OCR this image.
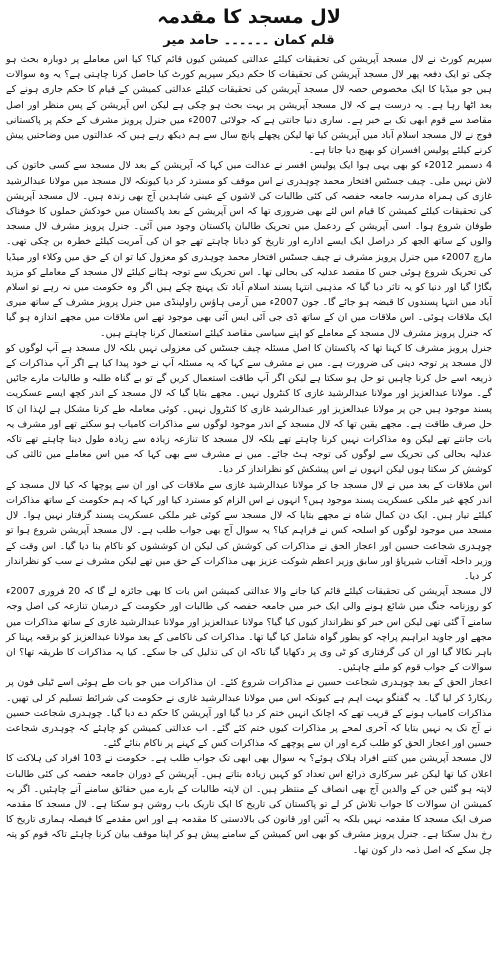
لال مسجد کا مقدمہ
قلم کمان ۔۔۔۔۔۔ حامد میر

سپریم کورٹ نے لال مسجد آپریشن کی تحقیقات کیلئے عدالتی کمیشن کیوں قائم کیا؟ کیا اس معاملے پر دوبارہ بحث ہو چکی تو ایک دفعہ پھر لال مسجد آپریشن کی تحقیقات کا حکم دیکر سپریم کورٹ کیا حاصل کرنا چاہتی ہے؟ یہ وہ سوالات ہیں جو میڈیا کا ایک مخصوص حصہ لال مسجد آپریشن کی تحقیقات کیلئے عدالتی کمیشن کے قیام کا حکم جاری ہونے کے بعد اٹھا رہا ہے۔ یہ درست ہے کہ لال مسجد آپریشن پر بہت بحث ہو چکی ہے لیکن اس آپریشن کے پس منظر اور اصل مقاصد سے قوم ابھی تک بے خبر ہے۔ ساری دنیا جانتی ہے کہ جولائی 2007ء میں جنرل پرویز مشرف کے حکم پر پاکستانی فوج نے لال مسجد اسلام آباد میں آپریشن کیا تھا لیکن پچھلے پانچ سال سے ہم دیکھ رہے ہیں کہ عدالتوں میں وضاحتیں پیش کرنے کیلئے پولیس افسران کو بھیج دیا جاتا ہے۔

4 دسمبر 2012ء کو بھی یہی ہوا ایک پولیس افسر نے عدالت میں کہا کہ آپریشن کے بعد لال مسجد سے کسی خاتون کی لاش نہیں ملی۔ چیف جسٹس افتخار محمد چوہدری نے اس موقف کو مسترد کر دیا کیونکہ لال مسجد میں مولانا عبدالرشید غازی کی ہمراہ مدرسہ جامعہ حفصہ کی کئی طالبات کی لاشوں کے عینی شاہدین آج بھی زندہ ہیں۔ لال مسجد آپریشن کی تحقیقات کیلئے کمیشن کا قیام اس لئے بھی ضروری تھا کہ اس آپریشن کے بعد پاکستان میں خودکش حملوں کا خوفناک طوفان شروع ہوا۔ اسی آپریشن کے ردعمل میں تحریک طالبان پاکستان وجود میں آئی۔ جنرل پرویز مشرف لال مسجد والوں کے ساتھ الجھ کر دراصل ایک ایسے ادارے اور تاریخ کو دبانا چاہتے تھے جو ان کی آمریت کیلئے خطرہ بن چکی تھی۔ مارچ 2007ء میں جنرل پرویز مشرف نے چیف جسٹس افتخار محمد چوہدری کو معزول کیا تو ان کے حق میں وکلاء اور میڈیا کی تحریک شروع ہوئی جس کا مقصد عدلیہ کی بحالی تھا۔ اس تحریک سے توجہ ہٹانے کیلئے لال مسجد کے معاملے کو مزید بگاڑا گیا اور دنیا کو یہ تاثر دیا گیا کہ مذہبی انتہا پسند اسلام آباد تک پہنچ چکے ہیں اگر وہ حکومت میں نہ رہے تو اسلام آباد میں انتہا پسندوں کا قبضہ ہو جائے گا۔ جون 2007ء میں آرمی ہاؤس راولپنڈی میں جنرل پرویز مشرف کے ساتھ میری ایک ملاقات ہوئی۔ اس ملاقات میں ان کے ساتھ ڈی جی آئی ایس آئی بھی موجود تھے اس ملاقات میں مجھے اندازہ ہو گیا کہ جنرل پرویز مشرف لال مسجد کے معاملے کو اپنے سیاسی مقاصد کیلئے استعمال کرنا چاہتے ہیں۔

جنرل پرویز مشرف کا کہنا تھا کہ پاکستان کا اصل مسئلہ چیف جسٹس کی معزولی نہیں بلکہ لال مسجد ہے آپ لوگوں کو لال مسجد پر توجہ دینی کی ضرورت ہے۔ میں نے مشرف سے کہا کہ یہ مسئلہ آپ نے خود پیدا کیا ہے اگر آپ مذاکرات کے ذریعہ اسے حل کرنا چاہیں تو حل ہو سکتا ہے لیکن اگر آپ طاقت استعمال کریں گے تو بے گناہ طلبہ و طالبات مارے جائیں گے۔ مولانا عبدالعزیز اور مولانا عبدالرشید غازی کا کنٹرول نہیں۔ مجھے بتایا گیا کہ لال مسجد کے اندر کچھ ایسے عسکریت پسند موجود ہیں جن پر مولانا عبدالعزیز اور عبدالرشید غازی کا کنٹرول نہیں۔ کوئی معاملہ طے کرنا مشکل ہے لہٰذا ان کا حل صرف طاقت ہے۔ مجھے یقین تھا کہ لال مسجد کے اندر موجود لوگوں سے مذاکرات کامیاب ہو سکتے تھے اور مشرف یہ بات جانتے تھے لیکن وہ مذاکرات نہیں کرنا چاہتے تھے بلکہ لال مسجد کا تنازعہ زیادہ سے زیادہ طول دینا چاہتے تھے تاکہ عدلیہ بحالی کی تحریک سے لوگوں کی توجہ ہٹ جائے۔ میں نے مشرف سے بھی کہا کہ میں اس معاملے میں ثالثی کی کوشش کر سکتا ہوں لیکن انہوں نے اس پیشکش کو نظرانداز کر دیا۔

اس ملاقات کے بعد میں نے لال مسجد جا کر مولانا عبدالرشید غازی سے ملاقات کی اور ان سے پوچھا کہ کیا لال مسجد کے اندر کچھ غیر ملکی عسکریت پسند موجود ہیں؟ انہوں نے اس الزام کو مسترد کیا اور کہا کہ ہم حکومت کے ساتھ مذاکرات کیلئے تیار ہیں۔ ایک دن کمال شاہ نے مجھے بتایا کہ لال مسجد سے کوئی غیر ملکی عسکریت پسند گرفتار نہیں ہوا۔ لال مسجد میں موجود لوگوں کو اسلحہ کس نے فراہم کیا؟ یہ سوال آج بھی جواب طلب ہے۔ لال مسجد آپریشن شروع ہوا تو چوہدری شجاعت حسین اور اعجاز الحق نے مذاکرات کی کوشش کی لیکن ان کوششوں کو ناکام بنا دیا گیا۔ اس وقت کے وزیر داخلہ آفتاب شیرپاؤ اور سابق وزیر اعظم شوکت عزیز بھی مذاکرات کے حق میں تھے لیکن مشرف نے سب کو نظرانداز کر دیا۔

لال مسجد آپریشن کی تحقیقات کیلئے قائم کیا جانے والا عدالتی کمیشن اس بات کا بھی جائزہ لے گا کہ 20 فروری 2007ء کو روزنامہ جنگ میں شائع ہونے والی ایک خبر میں جامعہ حفصہ کی طالبات اور حکومت کے درمیان تنازعہ کی اصل وجہ سامنے آ گئی تھی لیکن اس خبر کو نظرانداز کیوں کیا گیا؟ مولانا عبدالعزیز اور مولانا عبدالرشید غازی کے ساتھ مذاکرات میں مجھے اور جاوید ابراہیم پراچہ کو بطور گواہ شامل کیا گیا تھا۔ مذاکرات کی ناکامی کے بعد مولانا عبدالعزیز کو برقعہ پہنا کر باہر نکالا گیا اور ان کی گرفتاری کو ٹی وی پر دکھایا گیا تاکہ ان کی تذلیل کی جا سکے۔ کیا یہ مذاکرات کا طریقہ تھا؟ ان سوالات کے جواب قوم کو ملنے چاہئیں۔

اعجاز الحق کے بعد چوہدری شجاعت حسین نے مذاکرات شروع کئے۔ ان مذاکرات میں جو بات طے ہوئی اسے ٹیلی فون پر ریکارڈ کر لیا گیا۔ یہ گفتگو بہت اہم ہے کیونکہ اس میں مولانا عبدالرشید غازی نے حکومت کی شرائط تسلیم کر لی تھیں۔ مذاکرات کامیاب ہونے کے قریب تھے کہ اچانک انہیں ختم کر دیا گیا اور آپریشن کا حکم دے دیا گیا۔ چوہدری شجاعت حسین نے آج تک یہ نہیں بتایا کہ آخری لمحے پر مذاکرات کیوں ختم کئے گئے۔ اب عدالتی کمیشن کو چاہئے کہ چوہدری شجاعت حسین اور اعجاز الحق کو طلب کرے اور ان سے پوچھے کہ مذاکرات کس کے کہنے پر ناکام بنائے گئے۔

لال مسجد آپریشن میں کتنے افراد ہلاک ہوئے؟ یہ سوال بھی ابھی تک جواب طلب ہے۔ حکومت نے 103 افراد کی ہلاکت کا اعلان کیا تھا لیکن غیر سرکاری ذرائع اس تعداد کو کہیں زیادہ بتاتے ہیں۔ آپریشن کے دوران جامعہ حفصہ کی کئی طالبات لاپتہ ہو گئیں جن کے والدین آج بھی انصاف کے منتظر ہیں۔ ان لاپتہ طالبات کے بارے میں حقائق سامنے آنے چاہئیں۔ اگر یہ کمیشن ان سوالات کا جواب تلاش کر لے تو پاکستان کی تاریخ کا ایک تاریک باب روشن ہو سکتا ہے۔ لال مسجد کا مقدمہ صرف ایک مسجد کا مقدمہ نہیں بلکہ یہ آئین اور قانون کی بالادستی کا مقدمہ ہے اور اس مقدمے کا فیصلہ ہماری تاریخ کا رخ بدل سکتا ہے۔ جنرل پرویز مشرف کو بھی اس کمیشن کے سامنے پیش ہو کر اپنا موقف بیان کرنا چاہئے تاکہ قوم کو پتہ چل سکے کہ اصل ذمہ دار کون تھا۔
